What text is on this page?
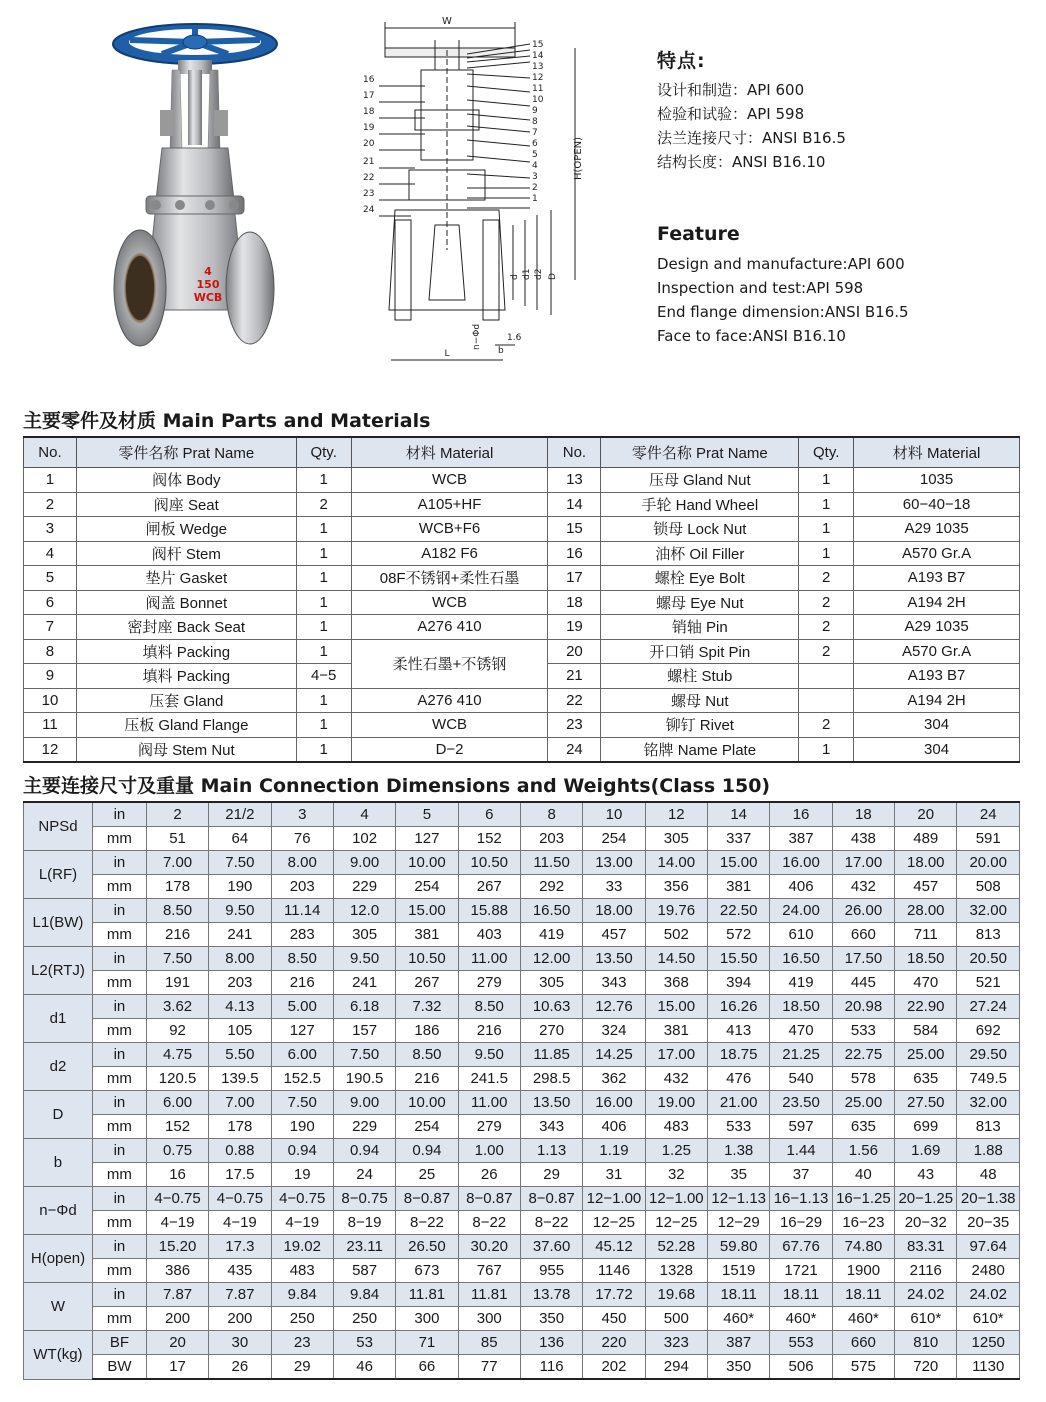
4
150
WCB
W
H(OPEN)
d d1 d2 D
L	b
n−Φd	1.6
15
14
13
12
11
10
9
8
7
6
5
4
3
2
1
16
17
18
19
20
21
22
23
24
特点:
设计和制造：API 600
检验和试验：API 598
法兰连接尺寸：ANSI B16.5
结构长度：ANSI B16.10
Feature
Design and manufacture:API 600
Inspection and test:API 598
End flange dimension:ANSI B16.5
Face to face:ANSI B16.10
主要零件及材质 Main Parts and Materials
No.	零件名称 Prat Name	Qty.	材料 Material	No.	零件名称 Prat Name	Qty.	材料 Material
1	阀体 Body	1	WCB	13	压母 Gland Nut	1	1035
2	阀座 Seat	2	A105+HF	14	手轮 Hand Wheel	1	60−40−18
3	闸板 Wedge	1	WCB+F6	15	锁母 Lock Nut	1	A29 1035
4	阀杆 Stem	1	A182 F6	16	油杯 Oil Filler	1	A570 Gr.A
5	垫片 Gasket	1	08F不锈钢+柔性石墨	17	螺栓 Eye Bolt	2	A193 B7
6	阀盖 Bonnet	1	WCB	18	螺母 Eye Nut	2	A194 2H
7	密封座 Back Seat	1	A276 410	19	销轴 Pin	2	A29 1035
8	填料 Packing	1	柔性石墨+不锈钢	20	开口销 Spit Pin	2	A570 Gr.A
9	填料 Packing	4−5		21	螺柱 Stub		A193 B7
10	压套 Gland	1	A276 410	22	螺母 Nut		A194 2H
11	压板 Gland Flange	1	WCB	23	铆钉 Rivet	2	304
12	阀母 Stem Nut	1	D−2	24	铭牌 Name Plate	1	304
主要连接尺寸及重量 Main Connection Dimensions and Weights(Class 150)
NPSd	in	2	21/2	3	4	5	6	8	10	12	14	16	18	20	24
	mm	51	64	76	102	127	152	203	254	305	337	387	438	489	591
L(RF)	in	7.00	7.50	8.00	9.00	10.00	10.50	11.50	13.00	14.00	15.00	16.00	17.00	18.00	20.00
	mm	178	190	203	229	254	267	292	33	356	381	406	432	457	508
L1(BW)	in	8.50	9.50	11.14	12.0	15.00	15.88	16.50	18.00	19.76	22.50	24.00	26.00	28.00	32.00
	mm	216	241	283	305	381	403	419	457	502	572	610	660	711	813
L2(RTJ)	in	7.50	8.00	8.50	9.50	10.50	11.00	12.00	13.50	14.50	15.50	16.50	17.50	18.50	20.50
	mm	191	203	216	241	267	279	305	343	368	394	419	445	470	521
d1	in	3.62	4.13	5.00	6.18	7.32	8.50	10.63	12.76	15.00	16.26	18.50	20.98	22.90	27.24
	mm	92	105	127	157	186	216	270	324	381	413	470	533	584	692
d2	in	4.75	5.50	6.00	7.50	8.50	9.50	11.85	14.25	17.00	18.75	21.25	22.75	25.00	29.50
	mm	120.5	139.5	152.5	190.5	216	241.5	298.5	362	432	476	540	578	635	749.5
D	in	6.00	7.00	7.50	9.00	10.00	11.00	13.50	16.00	19.00	21.00	23.50	25.00	27.50	32.00
	mm	152	178	190	229	254	279	343	406	483	533	597	635	699	813
b	in	0.75	0.88	0.94	0.94	0.94	1.00	1.13	1.19	1.25	1.38	1.44	1.56	1.69	1.88
	mm	16	17.5	19	24	25	26	29	31	32	35	37	40	43	48
n−Φd	in	4−0.75	4−0.75	4−0.75	8−0.75	8−0.87	8−0.87	8−0.87	12−1.00	12−1.00	12−1.13	16−1.13	16−1.25	20−1.25	20−1.38
	mm	4−19	4−19	4−19	8−19	8−22	8−22	8−22	12−25	12−25	12−29	16−29	16−23	20−32	20−35
H(open)	in	15.20	17.3	19.02	23.11	26.50	30.20	37.60	45.12	52.28	59.80	67.76	74.80	83.31	97.64
	mm	386	435	483	587	673	767	955	1146	1328	1519	1721	1900	2116	2480
W	in	7.87	7.87	9.84	9.84	11.81	11.81	13.78	17.72	19.68	18.11	18.11	18.11	24.02	24.02
	mm	200	200	250	250	300	300	350	450	500	460*	460*	460*	610*	610*
WT(kg)	BF	20	30	23	53	71	85	136	220	323	387	553	660	810	1250
	BW	17	26	29	46	66	77	116	202	294	350	506	575	720	1130
